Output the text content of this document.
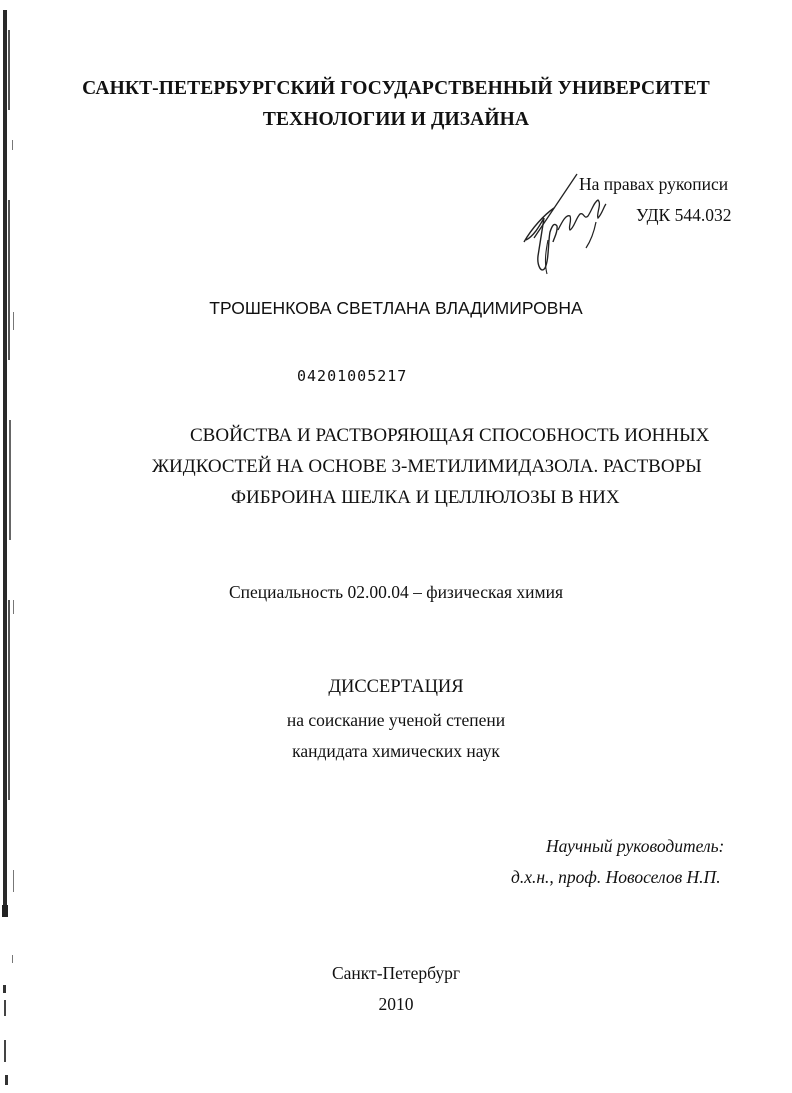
САНКТ-ПЕТЕРБУРГСКИЙ ГОСУДАРСТВЕННЫЙ УНИВЕРСИТЕТ
ТЕХНОЛОГИИ И ДИЗАЙНА
На правах рукописи
УДК 544.032
ТРОШЕНКОВА СВЕТЛАНА ВЛАДИМИРОВНА
04201005217
СВОЙСТВА И РАСТВОРЯЮЩАЯ СПОСОБНОСТЬ ИОННЫХ
ЖИДКОСТЕЙ НА ОСНОВЕ 3-МЕТИЛИМИДАЗОЛА. РАСТВОРЫ
ФИБРОИНА ШЕЛКА И ЦЕЛЛЮЛОЗЫ В НИХ
Специальность 02.00.04 – физическая химия
ДИССЕРТАЦИЯ
на соискание ученой степени
кандидата химических наук
Научный руководитель:
д.х.н., проф. Новоселов Н.П.
Санкт-Петербург
2010
